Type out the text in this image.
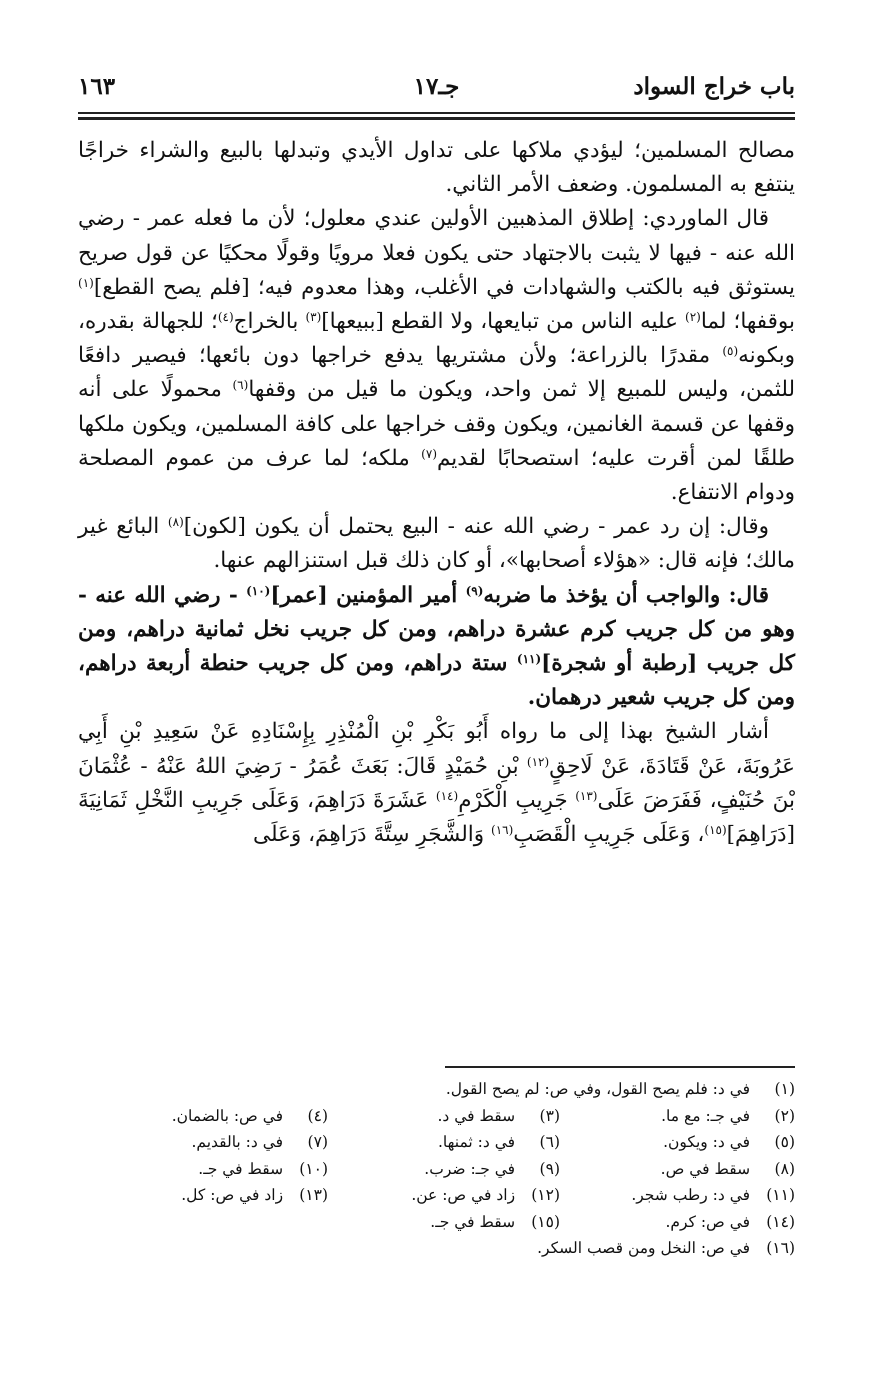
باب خراج السواد
جـ١٧
١٦٣

مصالح المسلمين؛ ليؤدي ملاكها على تداول الأيدي وتبدلها بالبيع والشراء خراجًا ينتفع به المسلمون. وضعف الأمر الثاني.

قال الماوردي: إطلاق المذهبين الأولين عندي معلول؛ لأن ما فعله عمر - رضي الله عنه - فيها لا يثبت بالاجتهاد حتى يكون فعلا مرويًا وقولًا محكيًا عن قول صريح يستوثق فيه بالكتب والشهادات في الأغلب، وهذا معدوم فيه؛ [فلم يصح القطع]$^{(١)}$ بوقفها؛ لما$^{(٢)}$ عليه الناس من تبايعها، ولا القطع [ببيعها]$^{(٣)}$ بالخراج$^{(٤)}$؛ للجهالة بقدره، وبكونه$^{(٥)}$ مقدرًا بالزراعة؛ ولأن مشتريها يدفع خراجها دون بائعها؛ فيصير دافعًا للثمن، وليس للمبيع إلا ثمن واحد، ويكون ما قيل من وقفها$^{(٦)}$ محمولًا على أنه وقفها عن قسمة الغانمين، ويكون وقف خراجها على كافة المسلمين، ويكون ملكها طلقًا لمن أقرت عليه؛ استصحابًا لقديم$^{(٧)}$ ملكه؛ لما عرف من عموم المصلحة ودوام الانتفاع.

وقال: إن رد عمر - رضي الله عنه - البيع يحتمل أن يكون [لكون]$^{(٨)}$ البائع غير مالك؛ فإنه قال: «هؤلاء أصحابها»، أو كان ذلك قبل استنزالهم عنها.

قال: والواجب أن يؤخذ ما ضربه$^{(٩)}$ أمير المؤمنين [عمر]$^{(١٠)}$ - رضي الله عنه - وهو من كل جريب كرم عشرة دراهم، ومن كل جريب نخل ثمانية دراهم، ومن كل جريب [رطبة أو شجرة]$^{(١١)}$ ستة دراهم، ومن كل جريب حنطة أربعة دراهم، ومن كل جريب شعير درهمان.

أشار الشيخ بهذا إلى ما رواه أَبُو بَكْرِ بْنِ الْمُنْذِرِ بِإِسْنَادِهِ عَنْ سَعِيدِ بْنِ أَبِي عَرُوبَةَ، عَنْ قَتَادَةَ، عَنْ لَاحِقٍ$^{(١٢)}$ بْنِ حُمَيْدٍ قَالَ: بَعَثَ عُمَرُ - رَضِيَ اللهُ عَنْهُ - عُثْمَانَ بْنَ حُنَيْفٍ، فَفَرَضَ عَلَى$^{(١٣)}$ جَرِيبِ الْكَرْمِ$^{(١٤)}$ عَشَرَةَ دَرَاهِمَ، وَعَلَى جَرِيبِ النَّخْلِ ثَمَانِيَةَ [دَرَاهِمَ]$^{(١٥)}$، وَعَلَى جَرِيبِ الْقَصَبِ$^{(١٦)}$ وَالشَّجَرِ سِتَّةَ دَرَاهِمَ، وَعَلَى

(١) في د: فلم يصح القول، وفي ص: لم يصح القول.
(٢) في جـ: مع ما.
(٣) سقط في د.
(٤) في ص: بالضمان.
(٥) في د: ويكون.
(٦) في د: ثمنها.
(٧) في د: بالقديم.
(٨) سقط في ص.
(٩) في جـ: ضرب.
(١٠) سقط في جـ.
(١١) في د: رطب شجر.
(١٢) زاد في ص: عن.
(١٣) زاد في ص: كل.
(١٤) في ص: كرم.
(١٥) سقط في جـ.
(١٦) في ص: النخل ومن قصب السكر.
